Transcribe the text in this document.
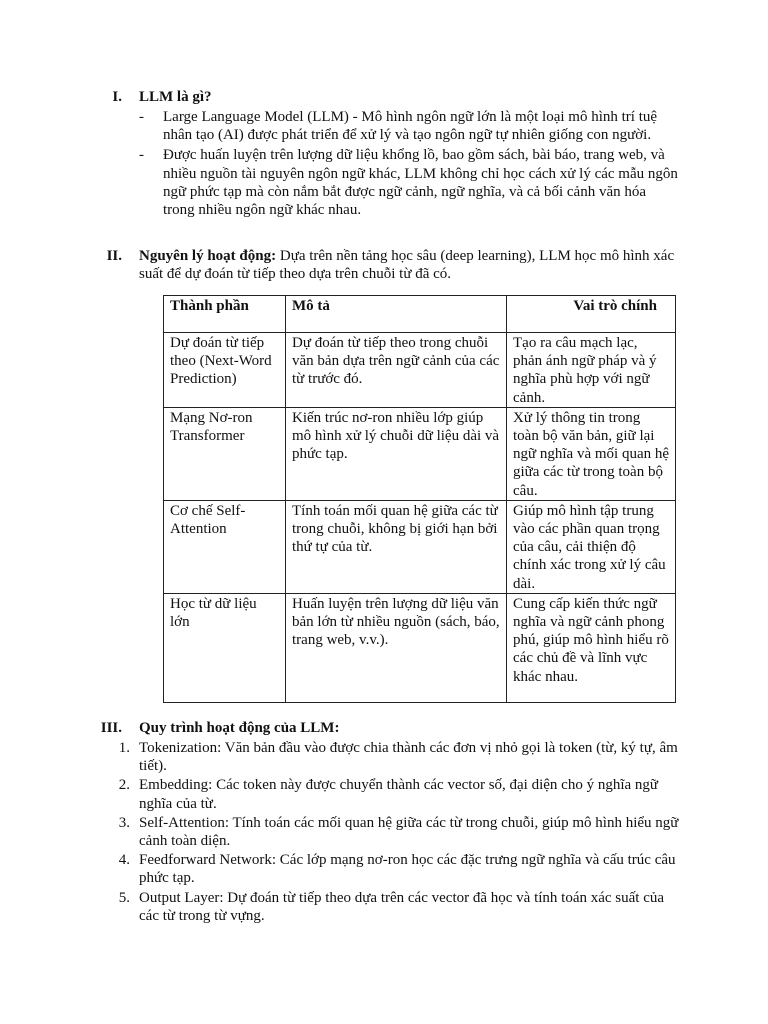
I. LLM là gì?
- Large Language Model (LLM) - Mô hình ngôn ngữ lớn là một loại mô hình trí tuệ nhân tạo (AI) được phát triển để xử lý và tạo ngôn ngữ tự nhiên giống con người.
- Được huấn luyện trên lượng dữ liệu khổng lồ, bao gồm sách, bài báo, trang web, và nhiều nguồn tài nguyên ngôn ngữ khác, LLM không chỉ học cách xử lý các mẫu ngôn ngữ phức tạp mà còn nắm bắt được ngữ cảnh, ngữ nghĩa, và cả bối cảnh văn hóa trong nhiều ngôn ngữ khác nhau.
II. Nguyên lý hoạt động: Dựa trên nền tảng học sâu (deep learning), LLM học mô hình xác suất để dự đoán từ tiếp theo dựa trên chuỗi từ đã có.
Thành phần	Mô tả	Vai trò chính
Dự đoán từ tiếp theo (Next-Word Prediction)	Dự đoán từ tiếp theo trong chuỗi văn bản dựa trên ngữ cảnh của các từ trước đó.	Tạo ra câu mạch lạc, phản ánh ngữ pháp và ý nghĩa phù hợp với ngữ cảnh.
Mạng Nơ-ron Transformer	Kiến trúc nơ-ron nhiều lớp giúp mô hình xử lý chuỗi dữ liệu dài và phức tạp.	Xử lý thông tin trong toàn bộ văn bản, giữ lại ngữ nghĩa và mối quan hệ giữa các từ trong toàn bộ câu.
Cơ chế Self-Attention	Tính toán mối quan hệ giữa các từ trong chuỗi, không bị giới hạn bởi thứ tự của từ.	Giúp mô hình tập trung vào các phần quan trọng của câu, cải thiện độ chính xác trong xử lý câu dài.
Học từ dữ liệu lớn	Huấn luyện trên lượng dữ liệu văn bản lớn từ nhiều nguồn (sách, báo, trang web, v.v.).	Cung cấp kiến thức ngữ nghĩa và ngữ cảnh phong phú, giúp mô hình hiểu rõ các chủ đề và lĩnh vực khác nhau.
III. Quy trình hoạt động của LLM:
1. Tokenization: Văn bản đầu vào được chia thành các đơn vị nhỏ gọi là token (từ, ký tự, âm tiết).
2. Embedding: Các token này được chuyển thành các vector số, đại diện cho ý nghĩa ngữ nghĩa của từ.
3. Self-Attention: Tính toán các mối quan hệ giữa các từ trong chuỗi, giúp mô hình hiểu ngữ cảnh toàn diện.
4. Feedforward Network: Các lớp mạng nơ-ron học các đặc trưng ngữ nghĩa và cấu trúc câu phức tạp.
5. Output Layer: Dự đoán từ tiếp theo dựa trên các vector đã học và tính toán xác suất của các từ trong từ vựng.
